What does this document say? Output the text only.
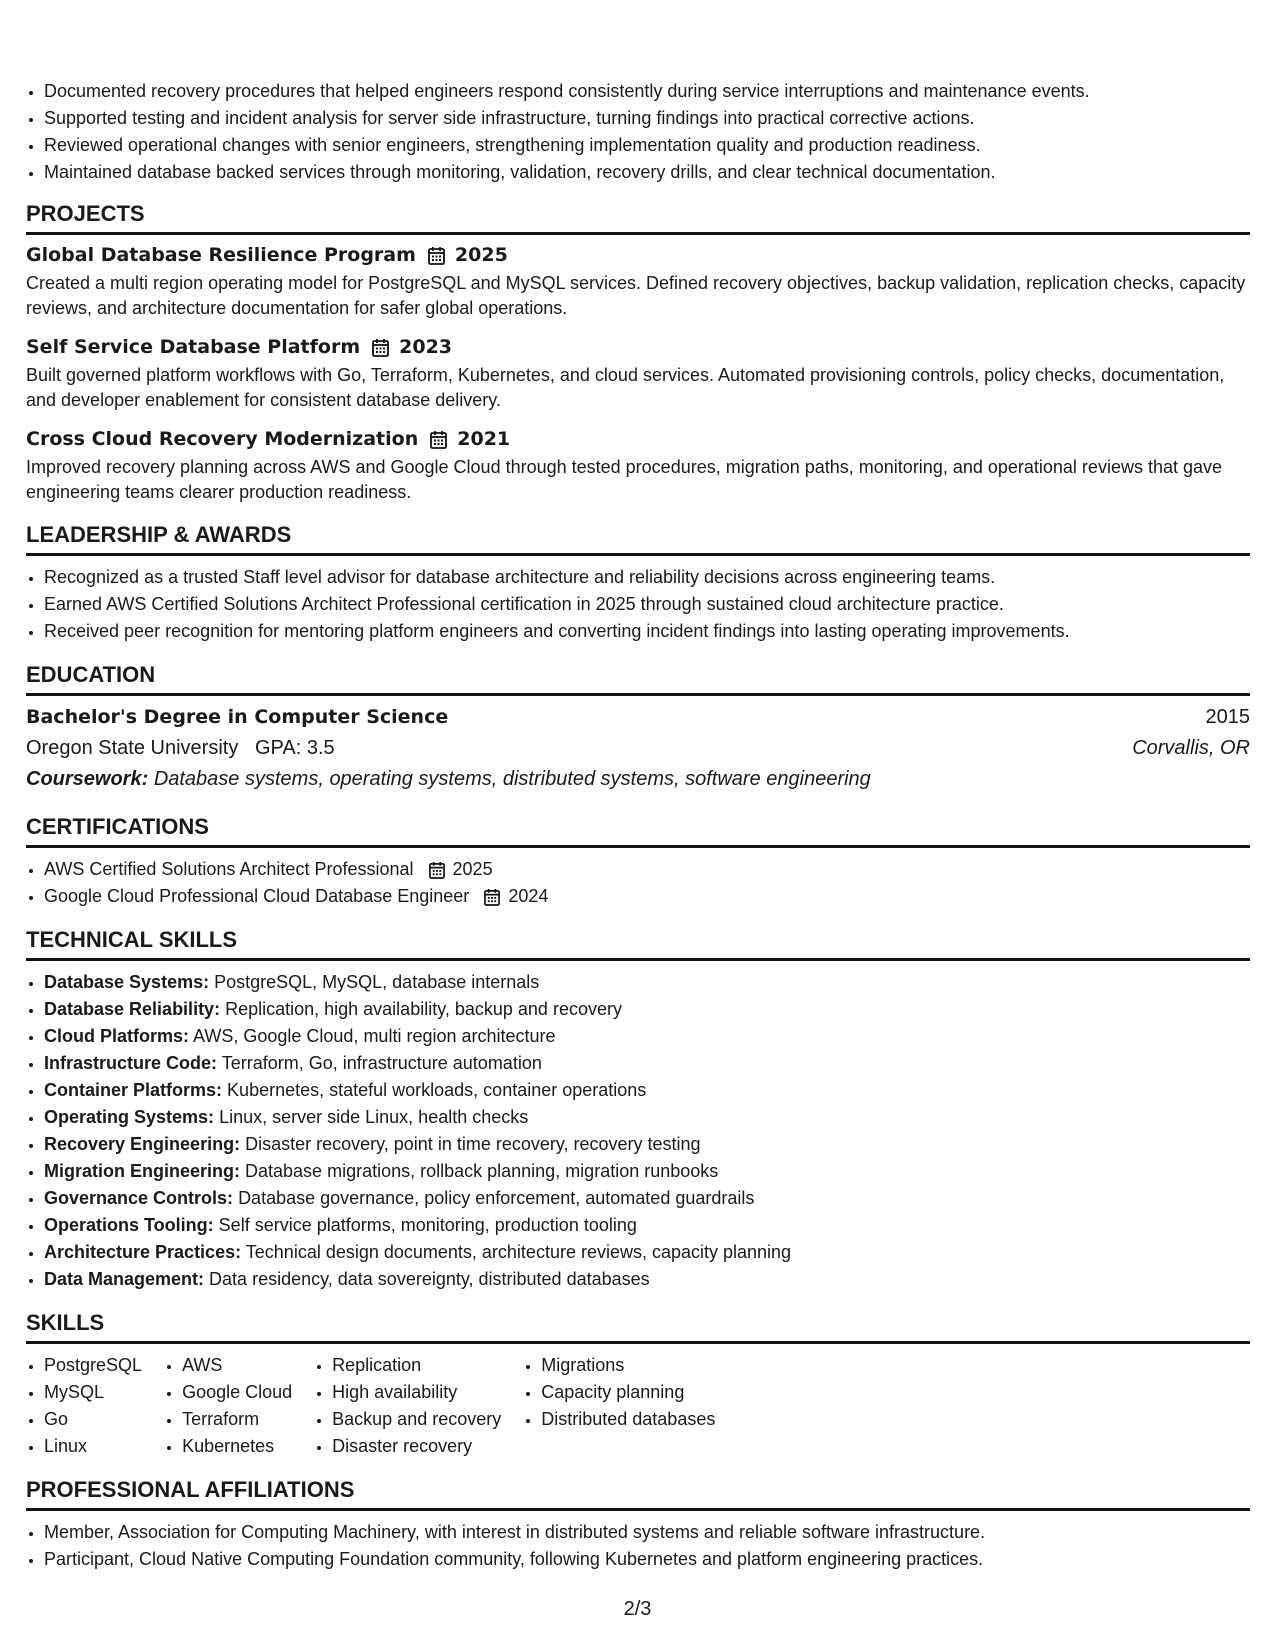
• Documented recovery procedures that helped engineers respond consistently during service interruptions and maintenance events.
• Supported testing and incident analysis for server side infrastructure, turning findings into practical corrective actions.
• Reviewed operational changes with senior engineers, strengthening implementation quality and production readiness.
• Maintained database backed services through monitoring, validation, recovery drills, and clear technical documentation.
PROJECTS
Global Database Resilience Program 2025
Created a multi region operating model for PostgreSQL and MySQL services. Defined recovery objectives, backup validation, replication checks, capacity reviews, and architecture documentation for safer global operations.
Self Service Database Platform 2023
Built governed platform workflows with Go, Terraform, Kubernetes, and cloud services. Automated provisioning controls, policy checks, documentation, and developer enablement for consistent database delivery.
Cross Cloud Recovery Modernization 2021
Improved recovery planning across AWS and Google Cloud through tested procedures, migration paths, monitoring, and operational reviews that gave engineering teams clearer production readiness.
LEADERSHIP & AWARDS
• Recognized as a trusted Staff level advisor for database architecture and reliability decisions across engineering teams.
• Earned AWS Certified Solutions Architect Professional certification in 2025 through sustained cloud architecture practice.
• Received peer recognition for mentoring platform engineers and converting incident findings into lasting operating improvements.
EDUCATION
Bachelor's Degree in Computer Science	2015
Oregon State University GPA: 3.5	Corvallis, OR
Coursework:
Database systems, operating systems, distributed systems, software engineering
CERTIFICATIONS
• AWS Certified Solutions Architect Professional 2025
• Google Cloud Professional Cloud Database Engineer 2024
TECHNICAL SKILLS
• Database Systems: PostgreSQL, MySQL, database internals
• Database Reliability: Replication, high availability, backup and recovery
• Cloud Platforms: AWS, Google Cloud, multi region architecture
• Infrastructure Code: Terraform, Go, infrastructure automation
• Container Platforms: Kubernetes, stateful workloads, container operations
• Operating Systems: Linux, server side Linux, health checks
• Recovery Engineering: Disaster recovery, point in time recovery, recovery testing
• Migration Engineering: Database migrations, rollback planning, migration runbooks
• Governance Controls: Database governance, policy enforcement, automated guardrails
• Operations Tooling: Self service platforms, monitoring, production tooling
• Architecture Practices: Technical design documents, architecture reviews, capacity planning
• Data Management: Data residency, data sovereignty, distributed databases
SKILLS
• PostgreSQL
• MySQL
• Go
• Linux
• AWS
• Google Cloud
• Terraform
• Kubernetes
• Replication
• High availability
• Backup and recovery
• Disaster recovery
• Migrations
• Capacity planning
• Distributed databases
PROFESSIONAL AFFILIATIONS
• Member, Association for Computing Machinery, with interest in distributed systems and reliable software infrastructure.
• Participant, Cloud Native Computing Foundation community, following Kubernetes and platform engineering practices.
2/3
